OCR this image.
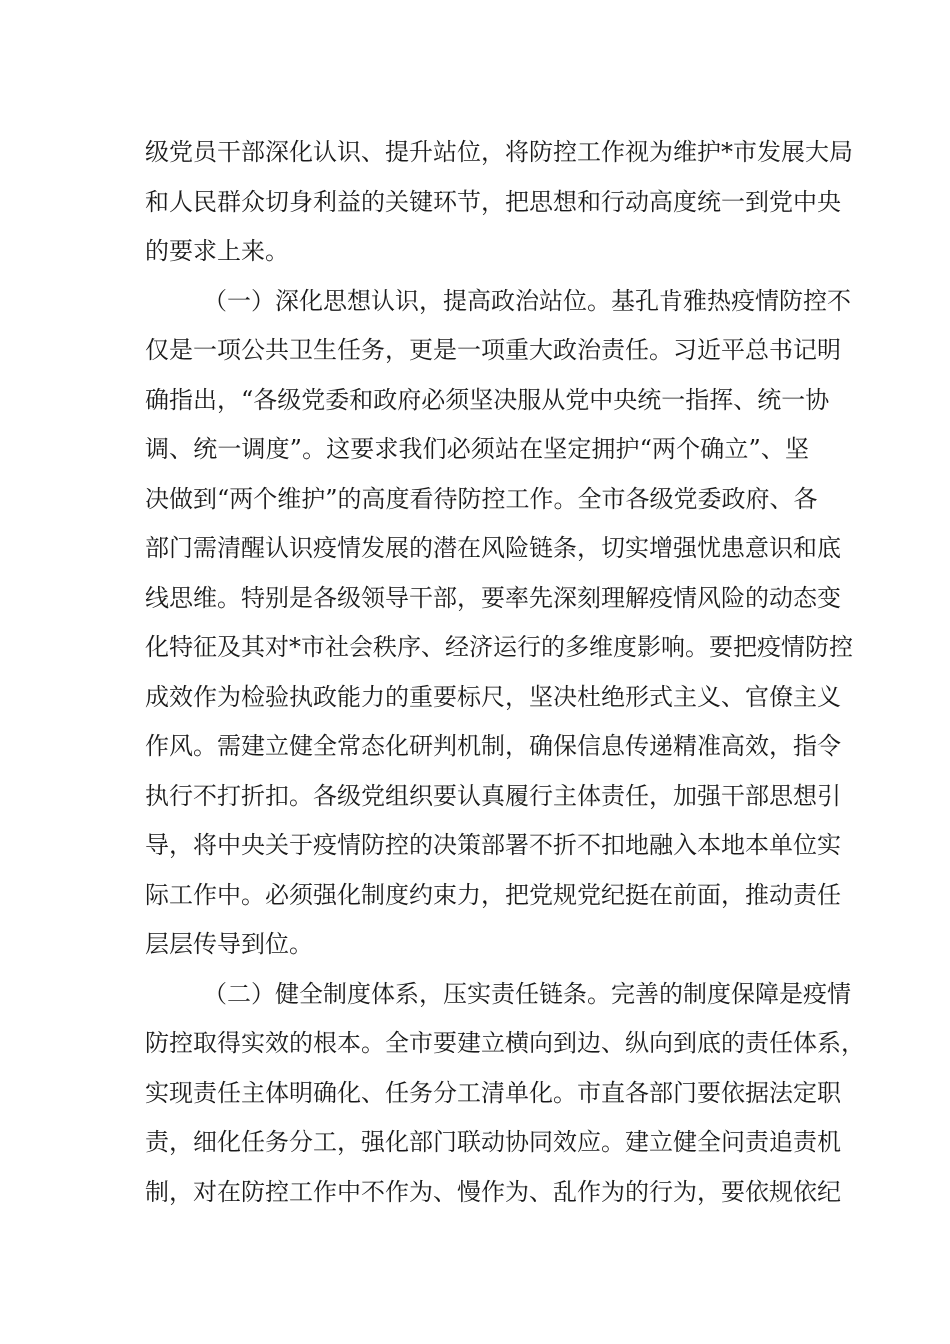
级党员干部深化认识、提升站位，将防控工作视为维护*市发展大局
和人民群众切身利益的关键环节，把思想和行动高度统一到党中央
的要求上来。
（一）深化思想认识，提高政治站位。基孔肯雅热疫情防控不
仅是一项公共卫生任务，更是一项重大政治责任。习近平总书记明
确指出，“各级党委和政府必须坚决服从党中央统一指挥、统一协
调、统一调度”。这要求我们必须站在坚定拥护“两个确立”、坚
决做到“两个维护”的高度看待防控工作。全市各级党委政府、各
部门需清醒认识疫情发展的潜在风险链条，切实增强忧患意识和底
线思维。特别是各级领导干部，要率先深刻理解疫情风险的动态变
化特征及其对*市社会秩序、经济运行的多维度影响。要把疫情防控
成效作为检验执政能力的重要标尺，坚决杜绝形式主义、官僚主义
作风。需建立健全常态化研判机制，确保信息传递精准高效，指令
执行不打折扣。各级党组织要认真履行主体责任，加强干部思想引
导，将中央关于疫情防控的决策部署不折不扣地融入本地本单位实
际工作中。必须强化制度约束力，把党规党纪挺在前面，推动责任
层层传导到位。
（二）健全制度体系，压实责任链条。完善的制度保障是疫情
防控取得实效的根本。全市要建立横向到边、纵向到底的责任体系，
实现责任主体明确化、任务分工清单化。市直各部门要依据法定职
责，细化任务分工，强化部门联动协同效应。建立健全问责追责机
制，对在防控工作中不作为、慢作为、乱作为的行为，要依规依纪
